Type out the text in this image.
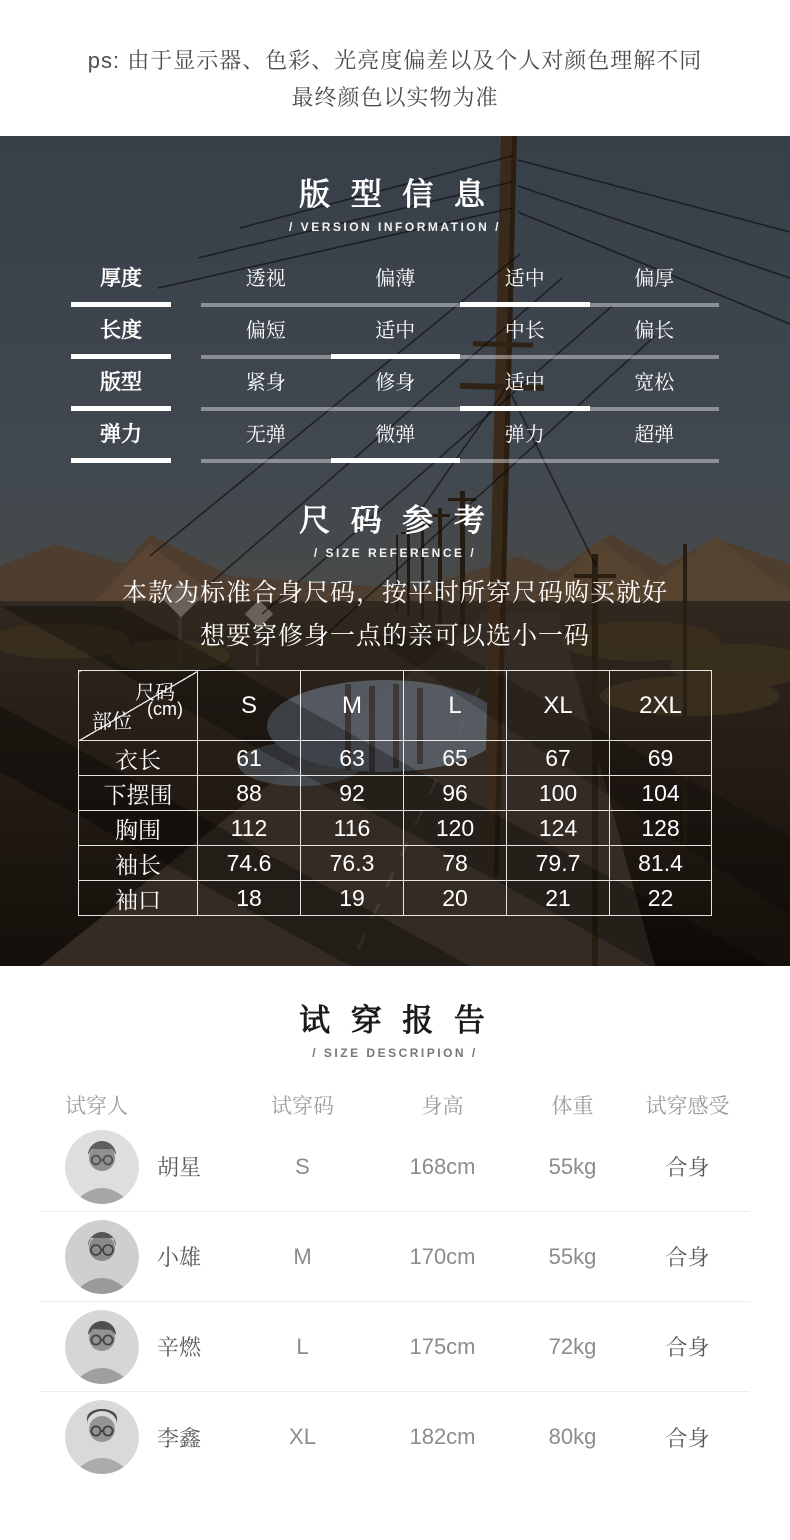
ps: 由于显示器、色彩、光亮度偏差以及个人对颜色理解不同

最终颜色以实物为准

版 型 信 息
/ VERSION INFORMATION /
厚度	透视	偏薄	适中	偏厚
长度	偏短	适中	中长	偏长
版型	紧身	修身	适中	宽松
弹力	无弹	微弹	弹力	超弹
尺 码 参 考
/ SIZE REFERENCE /

本款为标准合身尺码，按平时所穿尺码购买就好

想要穿修身一点的亲可以选小一码

尺码
(cm)
部位	S	M	L	XL	2XL
衣长	61	63	65	67	69
下摆围	88	92	96	100	104
胸围	112	116	120	124	128
袖长	74.6	76.3	78	79.7	81.4
袖口	18	19	20	21	22
试 穿 报 告
/ SIZE DESCRIPION /
试穿人	试穿码	身高	体重	试穿感受
胡星	S	168cm	55kg	合身
小雄	M	170cm	55kg	合身
辛燃	L	175cm	72kg	合身
李鑫	XL	182cm	80kg	合身
